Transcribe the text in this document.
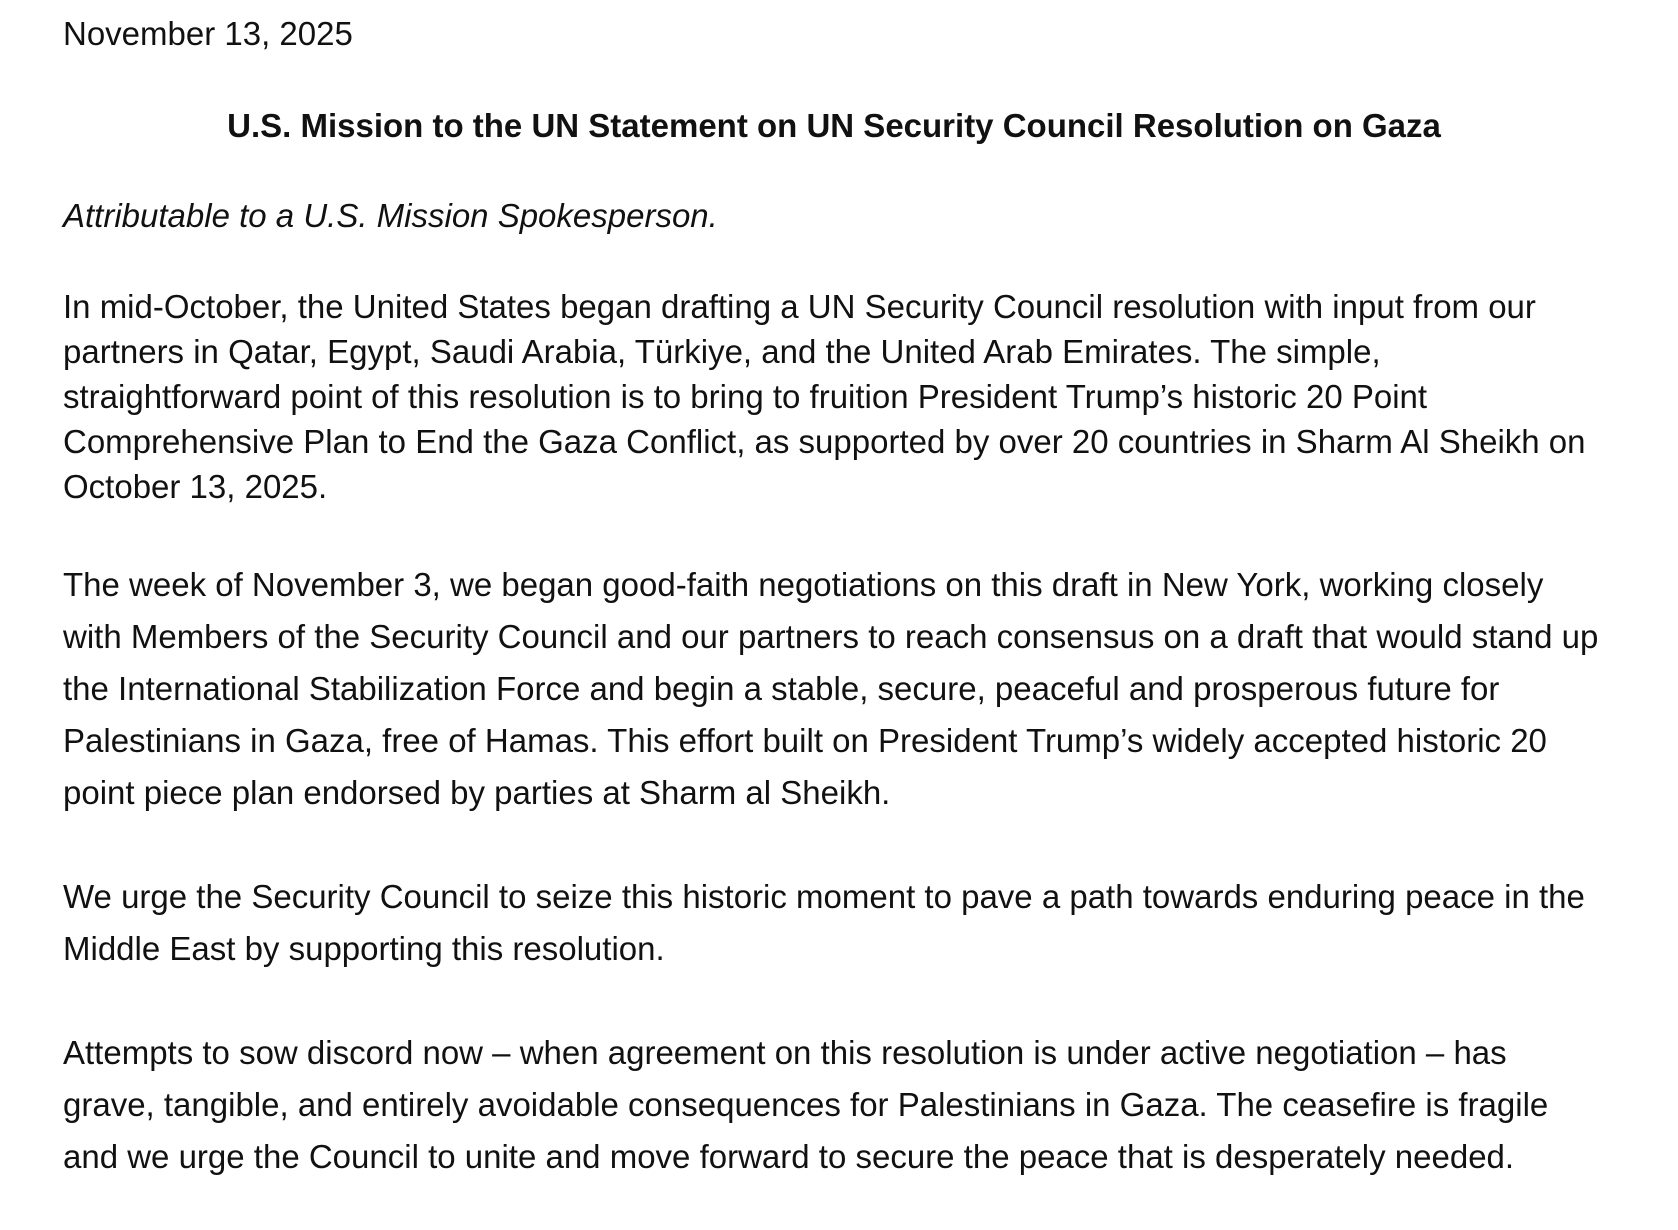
November 13, 2025

U.S. Mission to the UN Statement on UN Security Council Resolution on Gaza

Attributable to a U.S. Mission Spokesperson.

In mid-October, the United States began drafting a UN Security Council resolution with input from our
partners in Qatar, Egypt, Saudi Arabia, Türkiye, and the United Arab Emirates. The simple,
straightforward point of this resolution is to bring to fruition President Trump’s historic 20 Point
Comprehensive Plan to End the Gaza Conflict, as supported by over 20 countries in Sharm Al Sheikh on
October 13, 2025.

The week of November 3, we began good-faith negotiations on this draft in New York, working closely
with Members of the Security Council and our partners to reach consensus on a draft that would stand up
the International Stabilization Force and begin a stable, secure, peaceful and prosperous future for
Palestinians in Gaza, free of Hamas. This effort built on President Trump’s widely accepted historic 20
point piece plan endorsed by parties at Sharm al Sheikh.

We urge the Security Council to seize this historic moment to pave a path towards enduring peace in the
Middle East by supporting this resolution.

Attempts to sow discord now – when agreement on this resolution is under active negotiation – has
grave, tangible, and entirely avoidable consequences for Palestinians in Gaza. The ceasefire is fragile
and we urge the Council to unite and move forward to secure the peace that is desperately needed.
